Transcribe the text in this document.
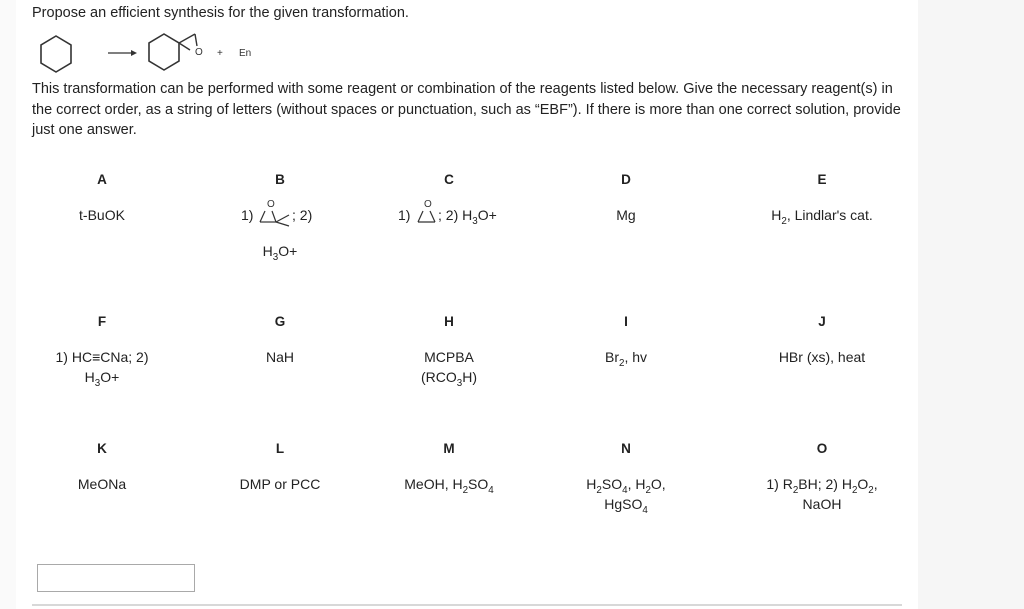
Propose an efficient synthesis for the given transformation.

O + En

This transformation can be performed with some reagent or combination of the reagents listed below. Give the necessary reagent(s) in the correct order, as a string of letters (without spaces or punctuation, such as “EBF”). If there is more than one correct solution, provide just one answer.

A
t-BuOK
B
1)
O
; 2)
$H_3O+$
C
1)
O
; 2) $H_3O+$
D
Mg
E
$H_2$, Lindlar's cat.
F
1) HC≡CNa; 2)
$H_3O+$
G
NaH
H
MCPBA
$(RCO_3H)$
I
$Br_2$, hv
J
HBr (xs), heat
K
MeONa
L
DMP or PCC
M
MeOH, $H_2SO_4$
N
$H_2SO_4$, $H_2O$,
HgSO$_4$
O
1) $R_2BH$; 2) $H_2O_2$,
NaOH
